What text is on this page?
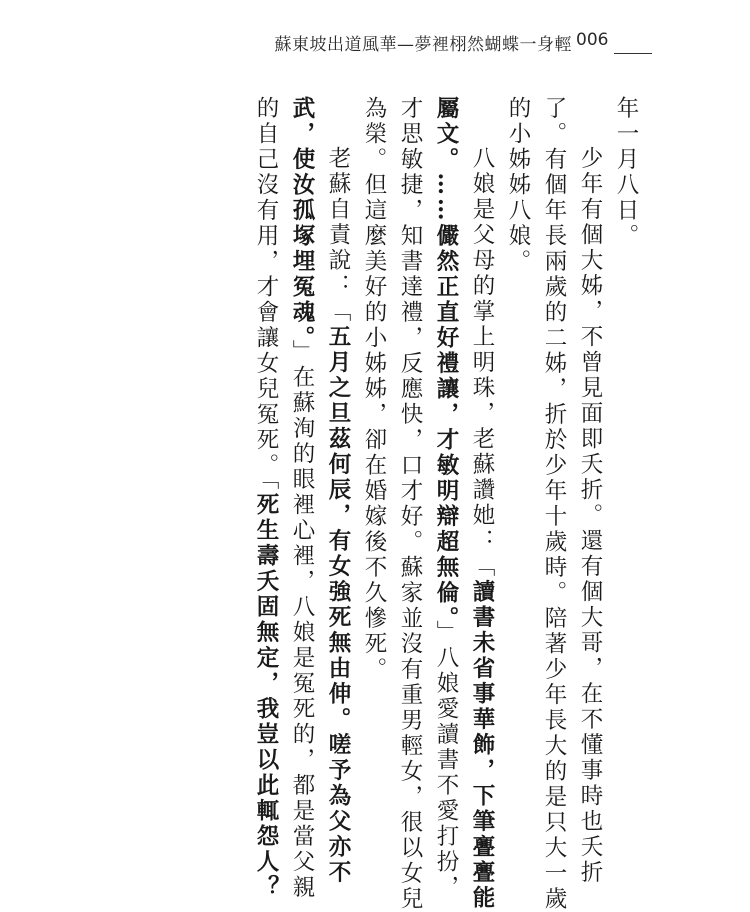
蘇東坡出道風華—夢裡栩然蝴蝶一身輕 006
年一月八日。
少年有個大姊，不曾見面即夭折。還有個大哥，在不懂事時也夭折
了。有個年長兩歲的二姊，折於少年十歲時。陪著少年長大的是只大一歲
的小姊姊八娘。
八娘是父母的掌上明珠，老蘇讚她：「讀書未省事華飾，下筆亹亹能
屬文。……儼然正直好禮讓，才敏明辯超無倫。」八娘愛讀書不愛打扮，
才思敏捷，知書達禮，反應快，口才好。蘇家並沒有重男輕女，很以女兒
為榮。但這麼美好的小姊姊，卻在婚嫁後不久慘死。
老蘇自責說：「五月之旦茲何辰，有女強死無由伸。嗟予為父亦不
武，使汝孤塚埋冤魂。」在蘇洵的眼裡心裡，八娘是冤死的，都是當父親
的自己沒有用，才會讓女兒冤死。「死生壽夭固無定，我豈以此輒怨人？
